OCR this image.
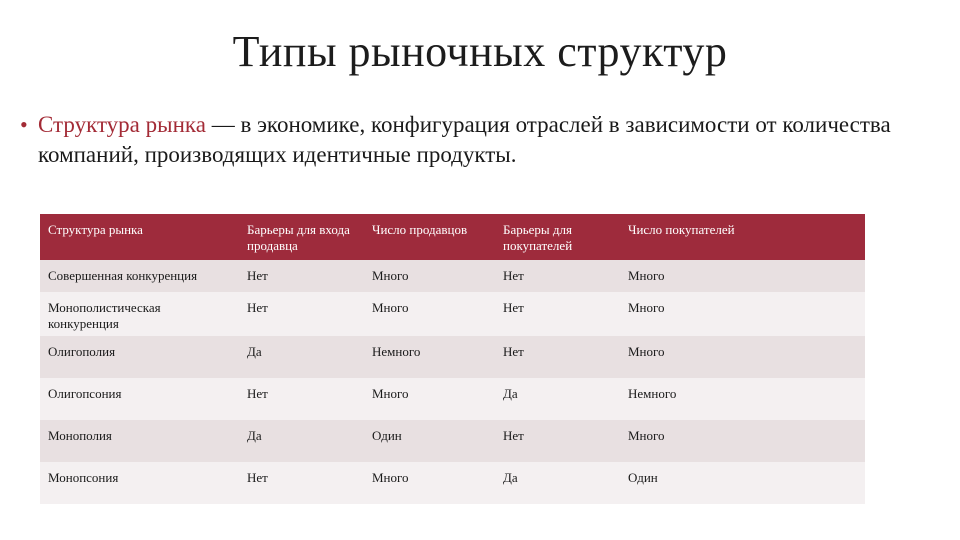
Типы рыночных структур
• Структура рынка — в экономике, конфигурация отраслей в зависимости от количества компаний, производящих идентичные продукты.
Структура рынка	Барьеры для входа продавца	Число продавцов	Барьеры для покупателей	Число покупателей
Совершенная конкуренция	Нет	Много	Нет	Много
Монополистическая конкуренция	Нет	Много	Нет	Много
Олигополия	Да	Немного	Нет	Много
Олигопсония	Нет	Много	Да	Немного
Монополия	Да	Один	Нет	Много
Монопсония	Нет	Много	Да	Один
